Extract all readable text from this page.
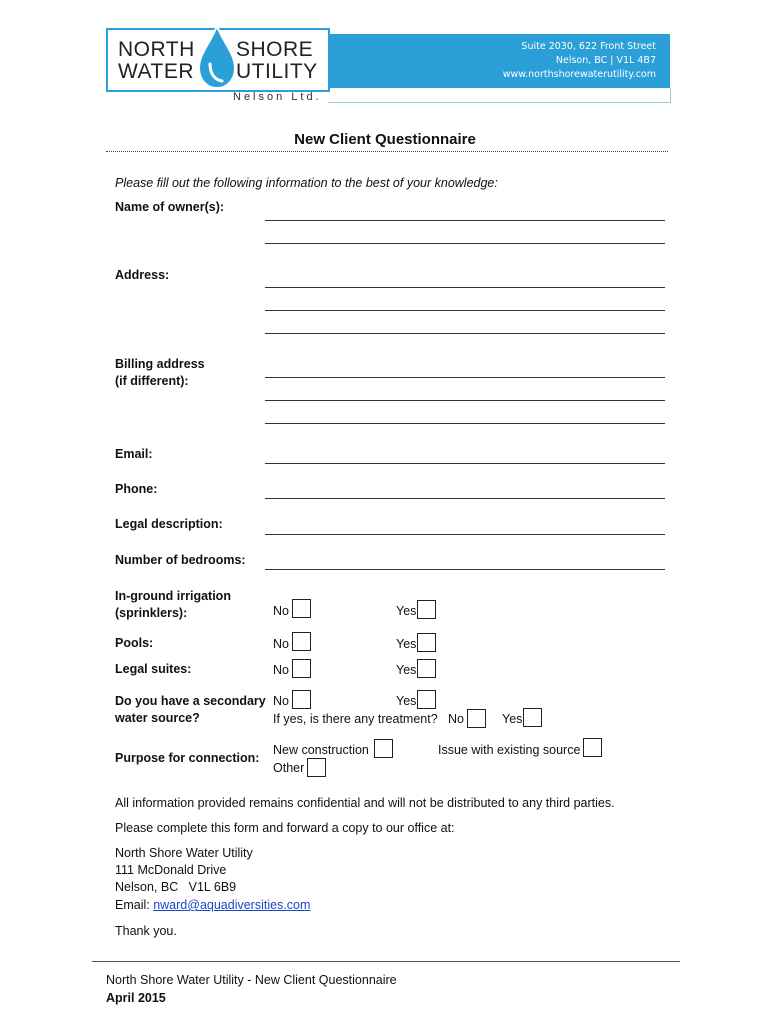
NORTH
WATER
SHORE
UTILITY
Suite 2030, 622 Front Street
Nelson, BC | V1L 4B7
www.northshorewaterutility.com
Nelson Ltd.
New Client Questionnaire
Please fill out the following information to the best of your knowledge:
Name of owner(s):
Address:
Billing address
(if different):
Email:
Phone:
Legal description:
Number of bedrooms:
In-ground irrigation
(sprinklers):	No	Yes
Pools:	No	Yes
Legal suites:	No	Yes
Do you have a secondary
water source?
No	Yes
If yes, is there any treatment? No	Yes
Purpose for connection:
New construction	Issue with existing source
Other
All information provided remains confidential and will not be distributed to any third parties.
Please complete this form and forward a copy to our office at:
North Shore Water Utility
111 McDonald Drive
Nelson, BC   V1L 6B9
Email: nward@aquadiversities.com
Thank you.
North Shore Water Utility - New Client Questionnaire
April 2015
